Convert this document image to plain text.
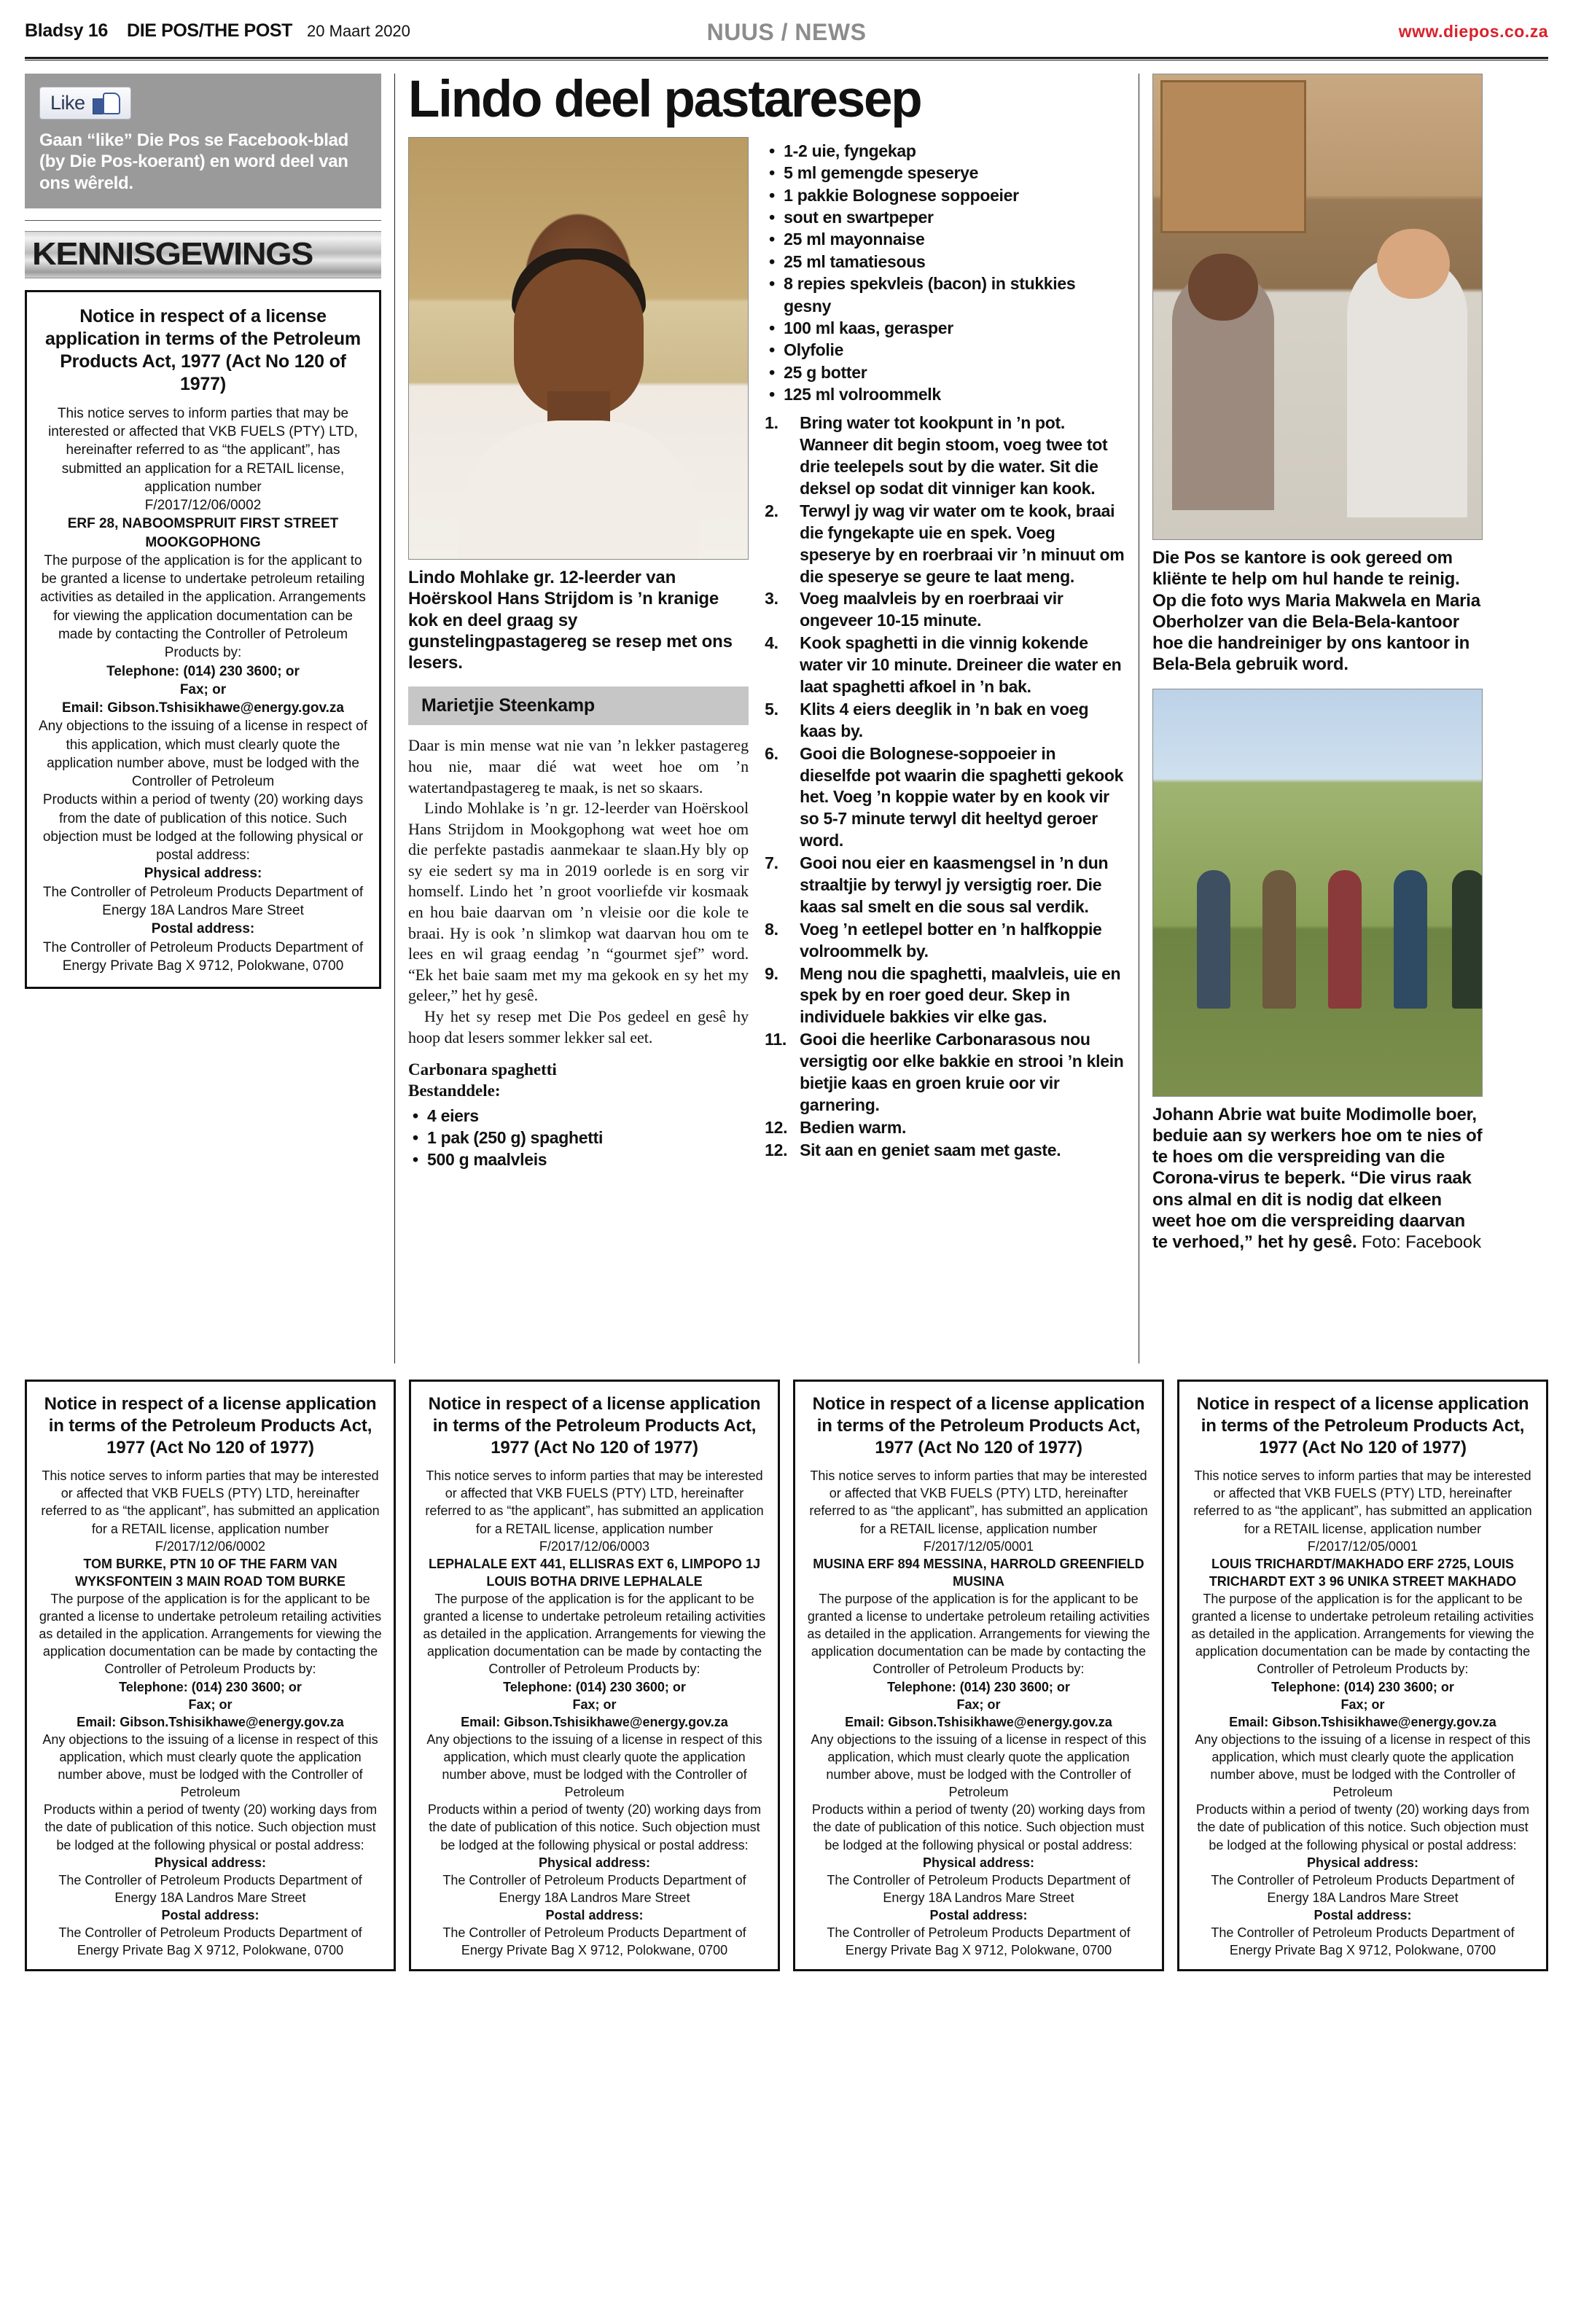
Bladsy 16 DIE POS/THE POST 20 Maart 2020	NUUS / NEWS	www.diepos.co.za
Like
Gaan “like” Die Pos se Facebook-blad (by Die Pos-koerant) en word deel van ons wêreld.
KENNISGEWINGS
Notice in respect of a license application in terms of the Petroleum Products Act, 1977 (Act No 120 of 1977)

This notice serves to inform parties that may be interested or affected that VKB FUELS (PTY) LTD, hereinafter referred to as “the applicant”, has submitted an application for a RETAIL license, application number

F/2017/12/06/0002

ERF 28, NABOOMSPRUIT FIRST STREET MOOKGOPHONG

The purpose of the application is for the applicant to be granted a license to undertake petroleum retailing activities as detailed in the application. Arrangements for viewing the application documentation can be made by contacting the Controller of Petroleum Products by:

Telephone: (014) 230 3600; or

Fax; or

Email: Gibson.Tshisikhawe@energy.gov.za

Any objections to the issuing of a license in respect of this application, which must clearly quote the application number above, must be lodged with the Controller of Petroleum

Products within a period of twenty (20) working days from the date of publication of this notice. Such objection must be lodged at the following physical or postal address:

Physical address:

The Controller of Petroleum Products Department of Energy 18A Landros Mare Street

Postal address:

The Controller of Petroleum Products Department of Energy Private Bag X 9712, Polokwane, 0700

Lindo deel pastaresep
Lindo Mohlake gr. 12-leerder van Hoërskool Hans Strijdom is ’n kranige kok en deel graag sy gunstelingpastagereg se resep met ons lesers.
Marietjie Steenkamp

Daar is min mense wat nie van ’n lekker pastagereg hou nie, maar dié wat weet hoe om ’n watertandpastagereg te maak, is net so skaars.

Lindo Mohlake is ’n gr. 12-leerder van Hoërskool Hans Strijdom in Mookgophong wat weet hoe om die perfekte pastadis aanmekaar te slaan.Hy bly op sy eie sedert sy ma in 2019 oorlede is en sorg vir homself. Lindo het ’n groot voorliefde vir kosmaak en hou baie daarvan om ’n vleisie oor die kole te braai. Hy is ook ’n slimkop wat daarvan hou om te lees en wil graag eendag ’n “gourmet sjef” word. “Ek het baie saam met my ma gekook en sy het my geleer,” het hy gesê.

Hy het sy resep met Die Pos gedeel en gesê hy hoop dat lesers sommer lekker sal eet.

Carbonara spaghetti
Bestanddele:
• 4 eiers
• 1 pak (250 g) spaghetti
• 500 g maalvleis
• 1-2 uie, fyngekap
• 5 ml gemengde speserye
• 1 pakkie Bolognese soppoeier
• sout en swartpeper
• 25 ml mayonnaise
• 25 ml tamatiesous
• 8 repies spekvleis (bacon) in stukkies gesny
• 100 ml kaas, gerasper
• Olyfolie
• 25 g botter
• 125 ml volroommelk
1. Bring water tot kookpunt in ’n pot. Wanneer dit begin stoom, voeg twee tot drie teelepels sout by die water. Sit die deksel op sodat dit vinniger kan kook.
2. Terwyl jy wag vir water om te kook, braai die fyngekapte uie en spek. Voeg speserye by en roerbraai vir ’n minuut om die speserye se geure te laat meng.
3. Voeg maalvleis by en roerbraai vir ongeveer 10-15 minute.
4. Kook spaghetti in die vinnig kokende water vir 10 minute. Dreineer die water en laat spaghetti afkoel in ’n bak.
5. Klits 4 eiers deeglik in ’n bak en voeg kaas by.
6. Gooi die Bolognese-soppoeier in dieselfde pot waarin die spaghetti gekook het. Voeg ’n koppie water by en kook vir so 5-7 minute terwyl dit heeltyd geroer word.
7. Gooi nou eier en kaasmengsel in ’n dun straaltjie by terwyl jy versigtig roer. Die kaas sal smelt en die sous sal verdik.
8. Voeg ’n eetlepel botter en ’n halfkoppie volroommelk by.
9. Meng nou die spaghetti, maalvleis, uie en spek by en roer goed deur. Skep in individuele bakkies vir elke gas.
11. Gooi die heerlike Carbonarasous nou versigtig oor elke bakkie en strooi ’n klein bietjie kaas en groen kruie oor vir garnering.
12. Bedien warm.
12. Sit aan en geniet saam met gaste.
Die Pos se kantore is ook gereed om kliënte te help om hul hande te reinig. Op die foto wys Maria Makwela en Maria Oberholzer van die Bela-Bela-kantoor hoe die handreiniger by ons kantoor in Bela-Bela gebruik word.
Johann Abrie wat buite Modimolle boer, beduie aan sy werkers hoe om te nies of te hoes om die verspreiding van die Corona-virus te beperk. “Die virus raak ons almal en dit is nodig dat elkeen weet hoe om die verspreiding daarvan te verhoed,” het hy gesê. Foto: Facebook
Notice in respect of a license application in terms of the Petroleum Products Act, 1977 (Act No 120 of 1977)

This notice serves to inform parties that may be interested or affected that VKB FUELS (PTY) LTD, hereinafter referred to as “the applicant”, has submitted an application for a RETAIL license, application number

F/2017/12/06/0002

TOM BURKE, PTN 10 OF THE FARM VAN WYKSFONTEIN 3 MAIN ROAD TOM BURKE

The purpose of the application is for the applicant to be granted a license to undertake petroleum retailing activities as detailed in the application. Arrangements for viewing the application documentation can be made by contacting the Controller of Petroleum Products by:

Telephone: (014) 230 3600; or

Fax; or

Email: Gibson.Tshisikhawe@energy.gov.za

Any objections to the issuing of a license in respect of this application, which must clearly quote the application number above, must be lodged with the Controller of Petroleum

Products within a period of twenty (20) working days from the date of publication of this notice. Such objection must be lodged at the following physical or postal address:

Physical address:

The Controller of Petroleum Products Department of Energy 18A Landros Mare Street

Postal address:

The Controller of Petroleum Products Department of Energy Private Bag X 9712, Polokwane, 0700

Notice in respect of a license application in terms of the Petroleum Products Act, 1977 (Act No 120 of 1977)

This notice serves to inform parties that may be interested or affected that VKB FUELS (PTY) LTD, hereinafter referred to as “the applicant”, has submitted an application for a RETAIL license, application number

F/2017/12/06/0003

LEPHALALE EXT 441, ELLISRAS EXT 6, LIMPOPO 1J LOUIS BOTHA DRIVE LEPHALALE

The purpose of the application is for the applicant to be granted a license to undertake petroleum retailing activities as detailed in the application. Arrangements for viewing the application documentation can be made by contacting the Controller of Petroleum Products by:

Telephone: (014) 230 3600; or

Fax; or

Email: Gibson.Tshisikhawe@energy.gov.za

Any objections to the issuing of a license in respect of this application, which must clearly quote the application number above, must be lodged with the Controller of Petroleum

Products within a period of twenty (20) working days from the date of publication of this notice. Such objection must be lodged at the following physical or postal address:

Physical address:

The Controller of Petroleum Products Department of Energy 18A Landros Mare Street

Postal address:

The Controller of Petroleum Products Department of Energy Private Bag X 9712, Polokwane, 0700

Notice in respect of a license application in terms of the Petroleum Products Act, 1977 (Act No 120 of 1977)

This notice serves to inform parties that may be interested or affected that VKB FUELS (PTY) LTD, hereinafter referred to as “the applicant”, has submitted an application for a RETAIL license, application number

F/2017/12/05/0001

MUSINA ERF 894 MESSINA, HARROLD GREENFIELD MUSINA

The purpose of the application is for the applicant to be granted a license to undertake petroleum retailing activities as detailed in the application. Arrangements for viewing the application documentation can be made by contacting the Controller of Petroleum Products by:

Telephone: (014) 230 3600; or

Fax; or

Email: Gibson.Tshisikhawe@energy.gov.za

Any objections to the issuing of a license in respect of this application, which must clearly quote the application number above, must be lodged with the Controller of Petroleum

Products within a period of twenty (20) working days from the date of publication of this notice. Such objection must be lodged at the following physical or postal address:

Physical address:

The Controller of Petroleum Products Department of Energy 18A Landros Mare Street

Postal address:

The Controller of Petroleum Products Department of Energy Private Bag X 9712, Polokwane, 0700

Notice in respect of a license application in terms of the Petroleum Products Act, 1977 (Act No 120 of 1977)

This notice serves to inform parties that may be interested or affected that VKB FUELS (PTY) LTD, hereinafter referred to as “the applicant”, has submitted an application for a RETAIL license, application number

F/2017/12/05/0001

LOUIS TRICHARDT/MAKHADO ERF 2725, LOUIS TRICHARDT EXT 3 96 UNIKA STREET MAKHADO

The purpose of the application is for the applicant to be granted a license to undertake petroleum retailing activities as detailed in the application. Arrangements for viewing the application documentation can be made by contacting the Controller of Petroleum Products by:

Telephone: (014) 230 3600; or

Fax; or

Email: Gibson.Tshisikhawe@energy.gov.za

Any objections to the issuing of a license in respect of this application, which must clearly quote the application number above, must be lodged with the Controller of Petroleum

Products within a period of twenty (20) working days from the date of publication of this notice. Such objection must be lodged at the following physical or postal address:

Physical address:

The Controller of Petroleum Products Department of Energy 18A Landros Mare Street

Postal address:

The Controller of Petroleum Products Department of Energy Private Bag X 9712, Polokwane, 0700
